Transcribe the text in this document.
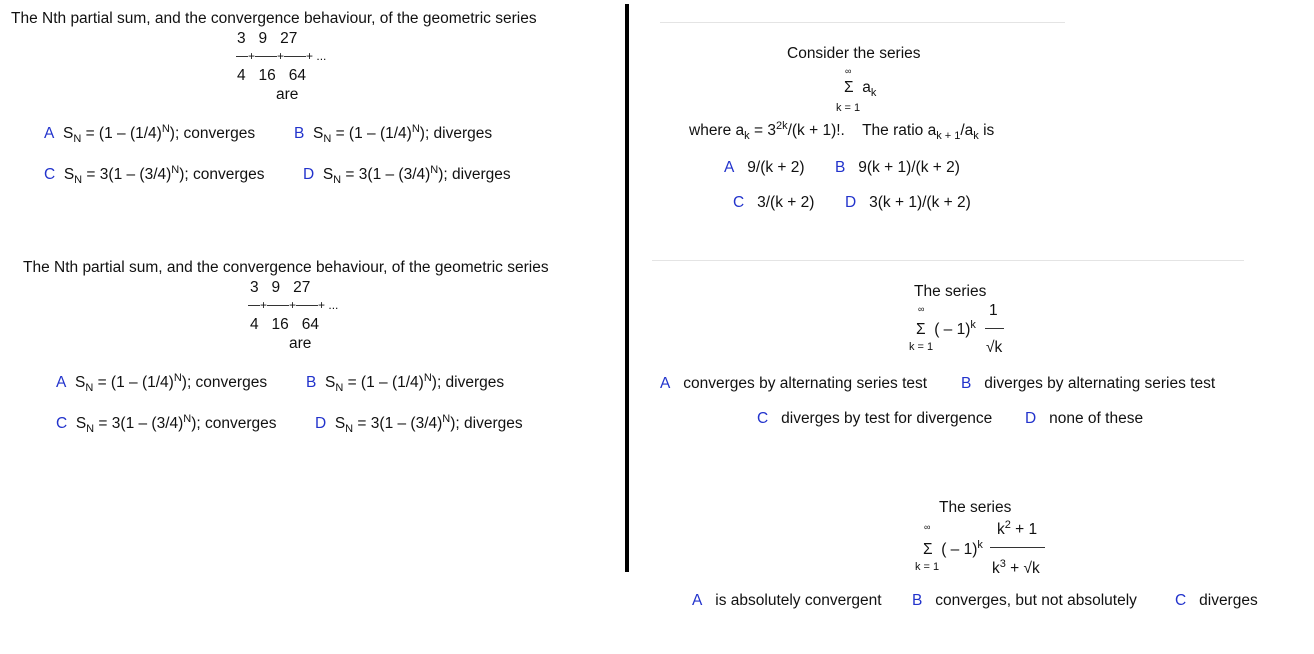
The Nth partial sum, and the convergence behaviour, of the geometric series
3 9 27
+ + + ...
4 16 64
are
A $S_N = (1 - (1/4)^N)$; converges	B $S_N = (1 - (1/4)^N)$; diverges
C $S_N = 3(1 - (3/4)^N)$; converges D $S_N = 3(1 - (3/4)^N)$; diverges
The Nth partial sum, and the convergence behaviour, of the geometric series
3 9 27
+ + + ...
4 16 64
are
A $S_N = (1 - (1/4)^N)$; converges	B $S_N = (1 - (1/4)^N)$; diverges
C $S_N = 3(1 - (3/4)^N)$; converges D $S_N = 3(1 - (3/4)^N)$; diverges
Consider the series
∞
Σ $a_k$
k = 1
where $a_k = 3^{2k}/(k + 1)$!. The ratio $a_{k + 1}/a_k$ is
A 9/(k + 2) B 9(k + 1)/(k + 2)
C 3/(k + 2) D 3(k + 1)/(k + 2)
The series
∞	1
Σ ( – 1)$^k$
√k
k = 1
A converges by alternating series test B diverges by alternating series test
C diverges by test for divergence D none of these
The series
∞	$k^2 + 1$
Σ ( – 1)$^k$
$k^3 + √k$
k = 1
A is absolutely convergent B converges, but not absolutely C diverges
